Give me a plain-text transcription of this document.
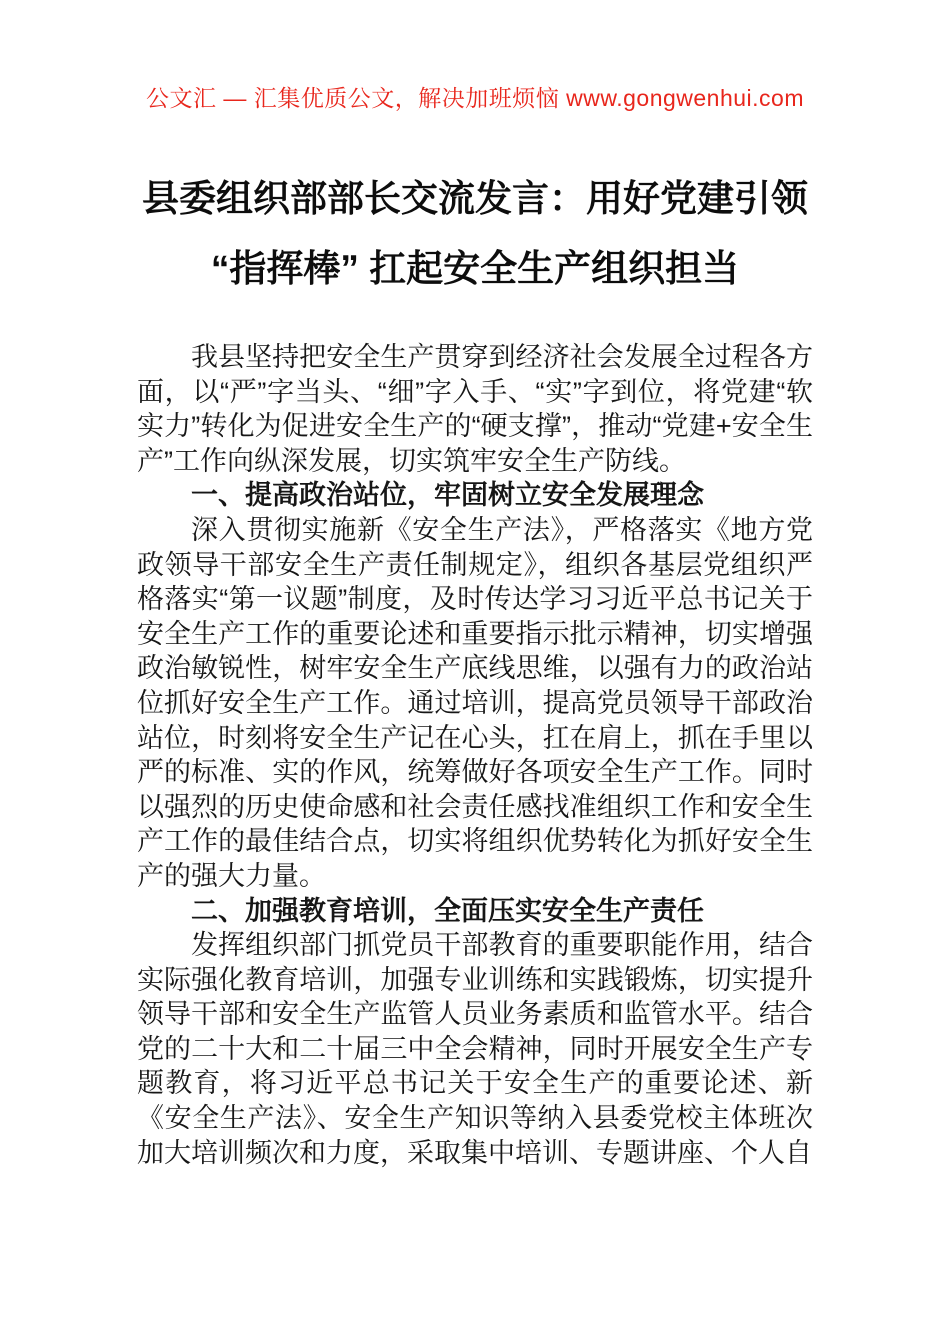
公文汇 — 汇集优质公文，解决加班烦恼 www.gongwenhui.com

县委组织部部长交流发言：用好党建引领
“指挥棒” 扛起安全生产组织担当

我县坚持把安全生产贯穿到经济社会发展全过程各方面，以“严”字当头、“细”字入手、“实”字到位，将党建“软实力”转化为促进安全生产的“硬支撑”，推动“党建+安全生产”工作向纵深发展，切实筑牢安全生产防线。

一、提高政治站位，牢固树立安全发展理念

深入贯彻实施新《安全生产法》，严格落实《地方党政领导干部安全生产责任制规定》，组织各基层党组织严格落实“第一议题”制度，及时传达学习习近平总书记关于安全生产工作的重要论述和重要指示批示精神，切实增强政治敏锐性，树牢安全生产底线思维，以强有力的政治站位抓好安全生产工作。通过培训，提高党员领导干部政治站位，时刻将安全生产记在心头，扛在肩上，抓在手里以严的标准、实的作风，统筹做好各项安全生产工作。同时以强烈的历史使命感和社会责任感找准组织工作和安全生产工作的最佳结合点，切实将组织优势转化为抓好安全生产的强大力量。

二、加强教育培训，全面压实安全生产责任

发挥组织部门抓党员干部教育的重要职能作用，结合实际强化教育培训，加强专业训练和实践锻炼，切实提升领导干部和安全生产监管人员业务素质和监管水平。结合党的二十大和二十届三中全会精神，同时开展安全生产专题教育，将习近平总书记关于安全生产的重要论述、新《安全生产法》、安全生产知识等纳入县委党校主体班次加大培训频次和力度，采取集中培训、专题讲座、个人自
